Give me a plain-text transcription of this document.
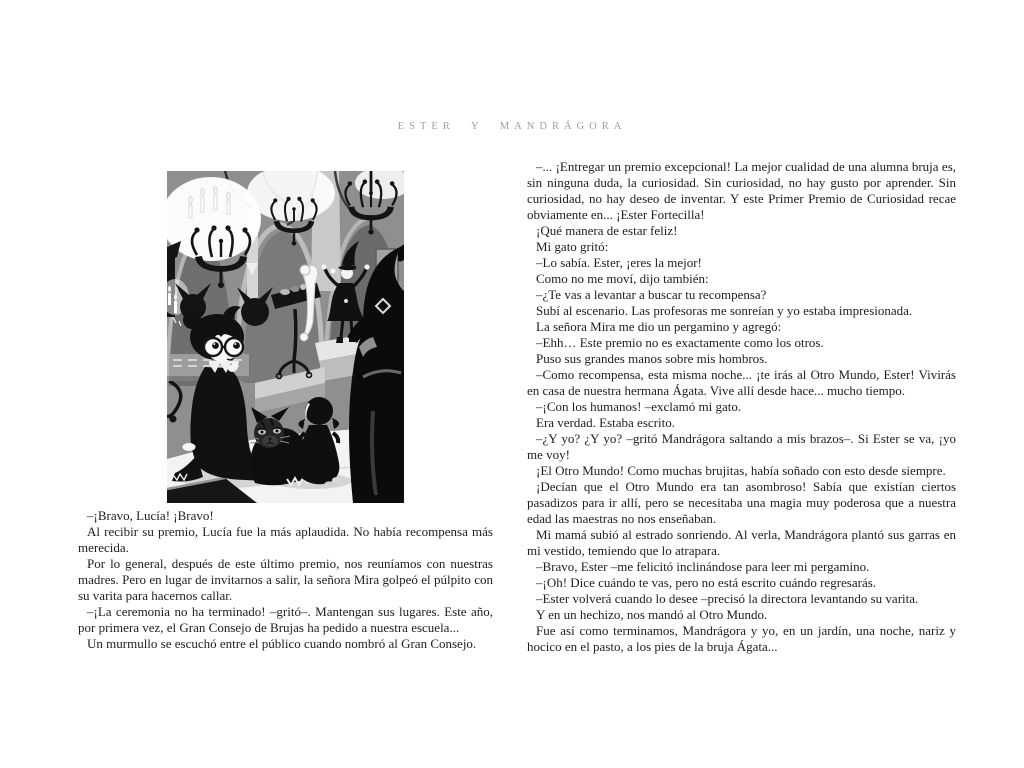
ESTER Y MANDRÁGORA

–¡Bravo, Lucía! ¡Bravo!

Al recibir su premio, Lucía fue la más aplaudida. No había recompensa más merecida.

Por lo general, después de este último premio, nos reuníamos con nuestras madres. Pero en lugar de invitarnos a salir, la señora Mira golpeó el púlpito con su varita para hacernos callar.

–¡La ceremonia no ha terminado! –gritó–. Mantengan sus lugares. Este año, por primera vez, el Gran Consejo de Brujas ha pedido a nuestra escuela...

Un murmullo se escuchó entre el público cuando nombró al Gran Consejo.

–... ¡Entregar un premio excepcional! La mejor cualidad de una alumna bruja es, sin ninguna duda, la curiosidad. Sin curiosidad, no hay gusto por aprender. Sin curiosidad, no hay deseo de inventar. Y este Primer Premio de Curiosidad recae obviamente en... ¡Ester Fortecilla!

¡Qué manera de estar feliz!

Mi gato gritó:

–Lo sabía. Ester, ¡eres la mejor!

Como no me moví, dijo también:

–¿Te vas a levantar a buscar tu recompensa?

Subí al escenario. Las profesoras me sonreían y yo estaba impresionada.

La señora Mira me dio un pergamino y agregó:

–Ehh… Este premio no es exactamente como los otros.

Puso sus grandes manos sobre mis hombros.

–Como recompensa, esta misma noche... ¡te irás al Otro Mundo, Ester! Vivirás en casa de nuestra hermana Ágata. Vive allí desde hace... mucho tiempo.

–¡Con los humanos! –exclamó mi gato.

Era verdad. Estaba escrito.

–¿Y yo? ¿Y yo? –gritó Mandrágora saltando a mis brazos–. Si Ester se va, ¡yo me voy!

¡El Otro Mundo! Como muchas brujitas, había soñado con esto desde siempre.

¡Decían que el Otro Mundo era tan asombroso! Sabía que existían ciertos pasadizos para ir allí, pero se necesitaba una magia muy poderosa que a nuestra edad las maestras no nos enseñaban.

Mi mamá subió al estrado sonriendo. Al verla, Mandrágora plantó sus garras en mi vestido, temiendo que lo atrapara.

–Bravo, Ester –me felicitó inclinándose para leer mi pergamino.

–¡Oh! Dice cuándo te vas, pero no está escrito cuándo regresarás.

–Ester volverá cuando lo desee –precisó la directora levantando su varita.

Y en un hechizo, nos mandó al Otro Mundo.

Fue así como terminamos, Mandrágora y yo, en un jardín, una noche, nariz y hocico en el pasto, a los pies de la bruja Ágata...
